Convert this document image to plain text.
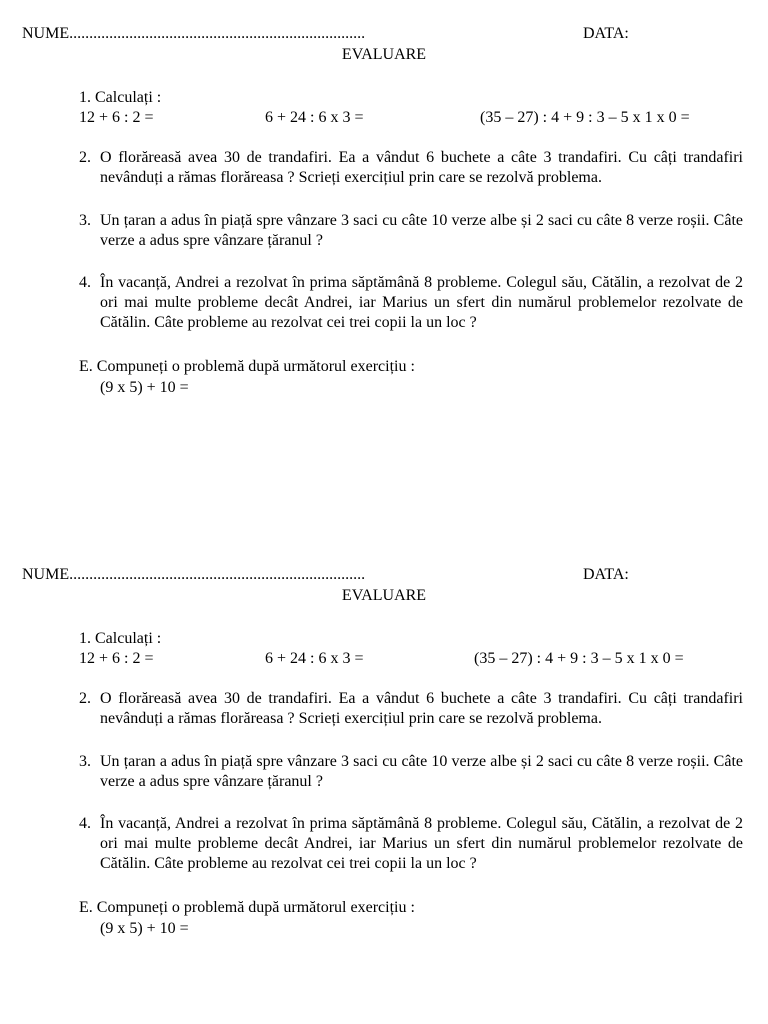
NUME..........................................................................	DATA:
EVALUARE
1. Calculați :
12 + 6 : 2 =	6 + 24 : 6 x 3 =	(35 – 27) : 4 + 9 : 3 – 5 x 1 x 0 =
2. O florăreasă avea 30 de trandafiri. Ea a vândut 6 buchete a câte 3 trandafiri. Cu câți trandafiri nevânduți a rămas florăreasa ? Scrieți exercițiul prin care se rezolvă problema.
3. Un țaran a adus în piață spre vânzare 3 saci cu câte 10 verze albe și 2 saci cu câte 8 verze roșii. Câte verze a adus spre vânzare țăranul ?
4. În vacanță, Andrei a rezolvat în prima săptămână 8 probleme. Colegul său, Cătălin, a rezolvat de 2 ori mai multe probleme decât Andrei, iar Marius un sfert din numărul problemelor rezolvate de Cătălin. Câte probleme au rezolvat cei trei copii la un loc ?
E. Compuneți o problemă după următorul exercițiu :
(9 x 5) + 10 =
NUME..........................................................................	DATA:
EVALUARE
1. Calculați :
12 + 6 : 2 =	6 + 24 : 6 x 3 =	(35 – 27) : 4 + 9 : 3 – 5 x 1 x 0 =
2. O florăreasă avea 30 de trandafiri. Ea a vândut 6 buchete a câte 3 trandafiri. Cu câți trandafiri nevânduți a rămas florăreasa ? Scrieți exercițiul prin care se rezolvă problema.
3. Un țaran a adus în piață spre vânzare 3 saci cu câte 10 verze albe și 2 saci cu câte 8 verze roșii. Câte verze a adus spre vânzare țăranul ?
4. În vacanță, Andrei a rezolvat în prima săptămână 8 probleme. Colegul său, Cătălin, a rezolvat de 2 ori mai multe probleme decât Andrei, iar Marius un sfert din numărul problemelor rezolvate de Cătălin. Câte probleme au rezolvat cei trei copii la un loc ?
E. Compuneți o problemă după următorul exercițiu :
(9 x 5) + 10 =
